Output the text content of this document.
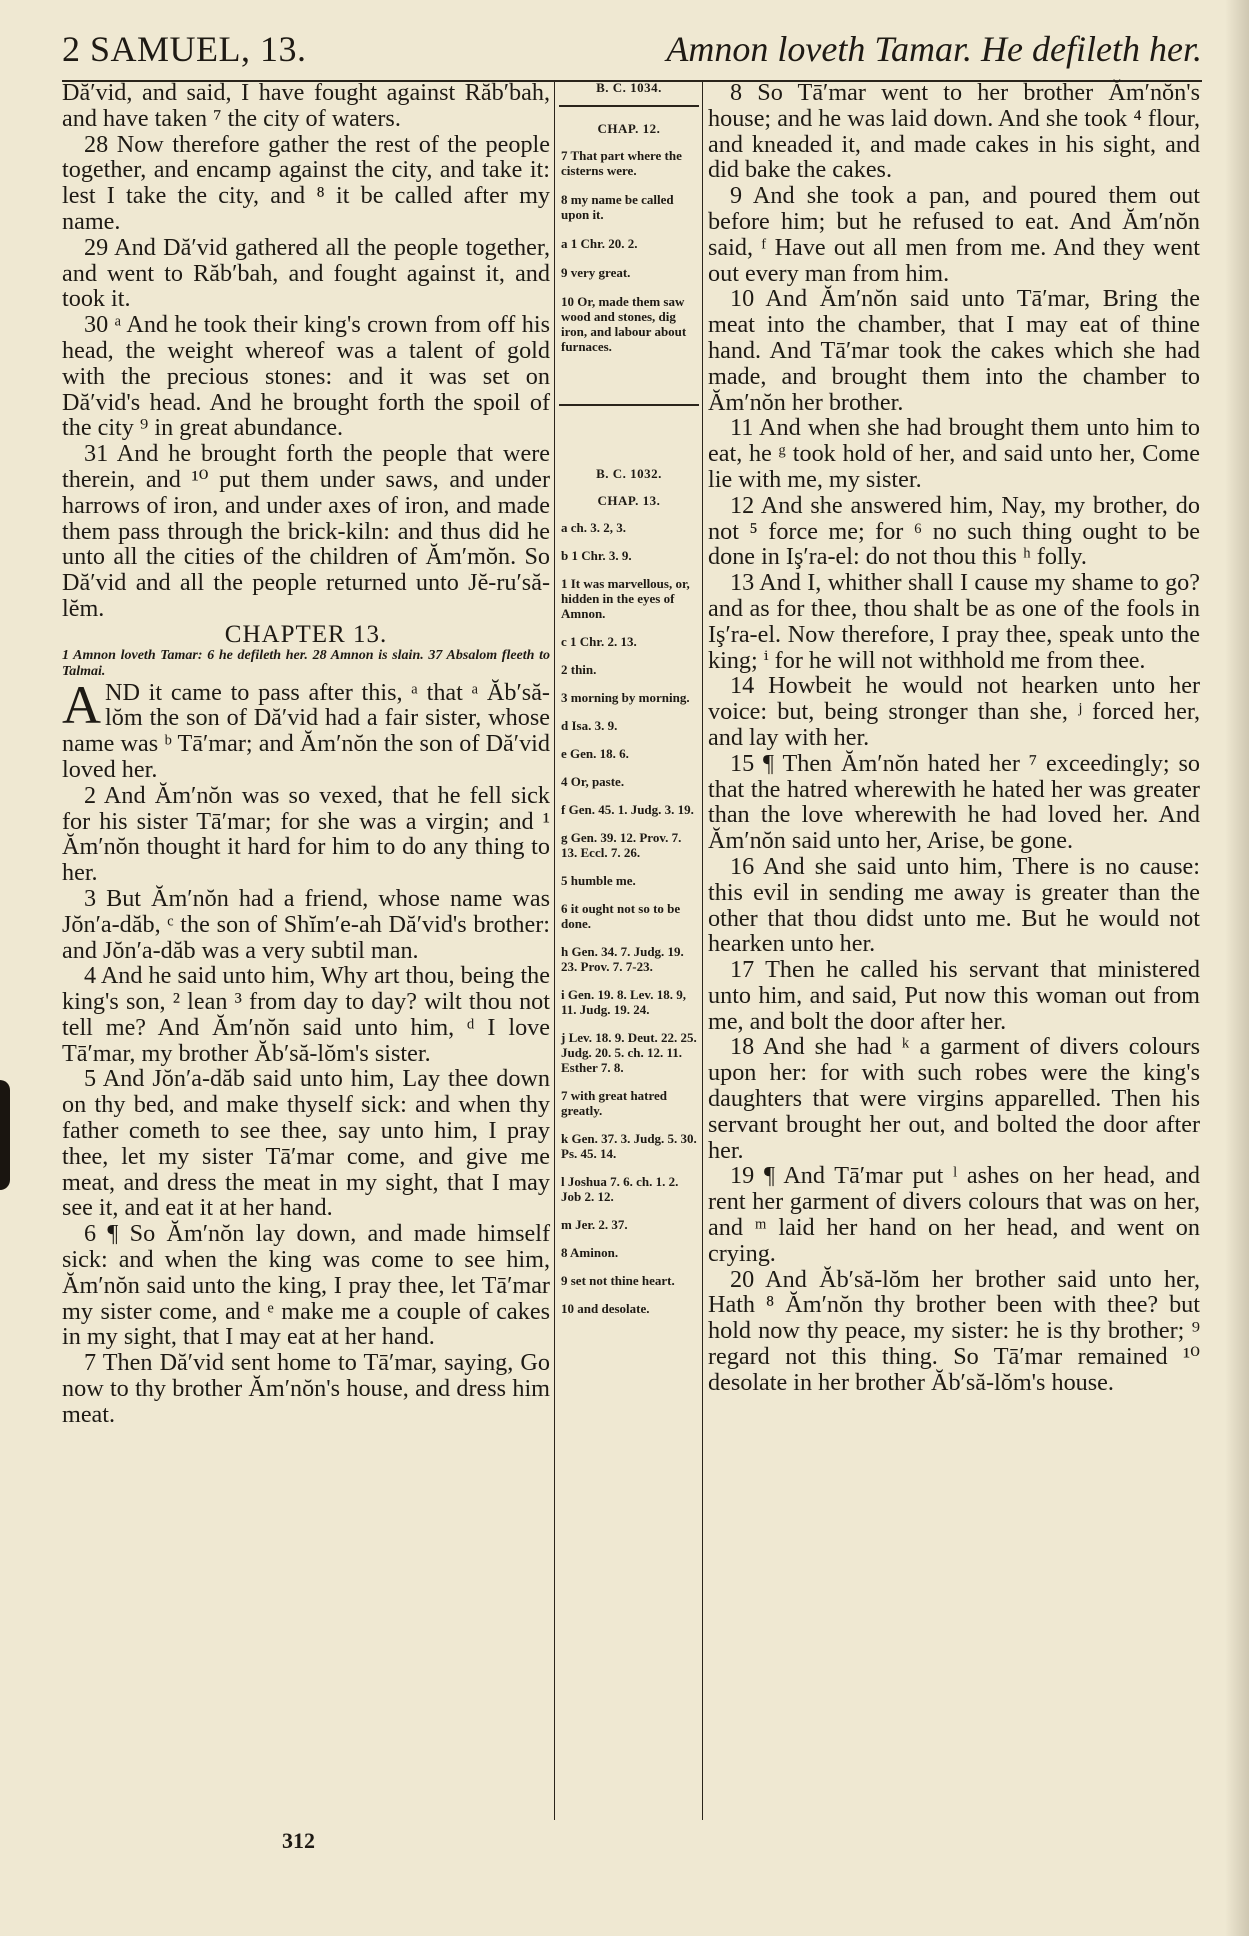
2 SAMUEL, 13.	Amnon loveth Tamar. He defileth her.

Dă′vid, and said, I have fought against Răb′bah, and have taken ⁷ the city of waters.

28 Now therefore gather the rest of the people together, and encamp against the city, and take it: lest I take the city, and ⁸ it be called after my name.

29 And Dă′vid gathered all the people together, and went to Răb′bah, and fought against it, and took it.

30 ᵃ And he took their king's crown from off his head, the weight whereof was a talent of gold with the precious stones: and it was set on Dă′vid's head. And he brought forth the spoil of the city ⁹ in great abundance.

31 And he brought forth the people that were therein, and ¹⁰ put them under saws, and under harrows of iron, and under axes of iron, and made them pass through the brick-kiln: and thus did he unto all the cities of the children of Ăm′mŏn. So Dă′vid and all the people returned unto Jĕ-ru′să-lĕm.

CHAPTER 13.

1 Amnon loveth Tamar: 6 he defileth her. 28 Amnon is slain. 37 Absalom fleeth to Talmai.

AND it came to pass after this, ᵃ that ᵃ Ăb′să-lŏm the son of Dă′vid had a fair sister, whose name was ᵇ Tā′mar; and Ăm′nŏn the son of Dă′vid loved her.

2 And Ăm′nŏn was so vexed, that he fell sick for his sister Tā′mar; for she was a virgin; and ¹ Ăm′nŏn thought it hard for him to do any thing to her.

3 But Ăm′nŏn had a friend, whose name was Jŏn′a-dăb, ᶜ the son of Shĭm′e-ah Dă′vid's brother: and Jŏn′a-dăb was a very subtil man.

4 And he said unto him, Why art thou, being the king's son, ² lean ³ from day to day? wilt thou not tell me? And Ăm′nŏn said unto him, ᵈ I love Tā′mar, my brother Ăb′să-lŏm's sister.

5 And Jŏn′a-dăb said unto him, Lay thee down on thy bed, and make thyself sick: and when thy father cometh to see thee, say unto him, I pray thee, let my sister Tā′mar come, and give me meat, and dress the meat in my sight, that I may see it, and eat it at her hand.

6 ¶ So Ăm′nŏn lay down, and made himself sick: and when the king was come to see him, Ăm′nŏn said unto the king, I pray thee, let Tā′mar my sister come, and ᵉ make me a couple of cakes in my sight, that I may eat at her hand.

7 Then Dă′vid sent home to Tā′mar, saying, Go now to thy brother Ăm′nŏn's house, and dress him meat.

B. C. 1034.

CHAP. 12.

7 That part where the cisterns were.

8 my name be called upon it.

a 1 Chr. 20. 2.

9 very great.

10 Or, made them saw wood and stones, dig iron, and labour about furnaces.

B. C. 1032.

CHAP. 13.

a ch. 3. 2, 3.

b 1 Chr. 3. 9.

1 It was marvellous, or, hidden in the eyes of Amnon.

c 1 Chr. 2. 13.

2 thin.

3 morning by morning.

d Isa. 3. 9.

e Gen. 18. 6.

4 Or, paste.

f Gen. 45. 1. Judg. 3. 19.

g Gen. 39. 12. Prov. 7. 13. Eccl. 7. 26.

5 humble me.

6 it ought not so to be done.

h Gen. 34. 7. Judg. 19. 23. Prov. 7. 7-23.

i Gen. 19. 8. Lev. 18. 9, 11. Judg. 19. 24.

j Lev. 18. 9. Deut. 22. 25. Judg. 20. 5. ch. 12. 11. Esther 7. 8.

7 with great hatred greatly.

k Gen. 37. 3. Judg. 5. 30. Ps. 45. 14.

l Joshua 7. 6. ch. 1. 2. Job 2. 12.

m Jer. 2. 37.

8 Aminon.

9 set not thine heart.

10 and desolate.

8 So Tā′mar went to her brother Ăm′nŏn's house; and he was laid down. And she took ⁴ flour, and kneaded it, and made cakes in his sight, and did bake the cakes.

9 And she took a pan, and poured them out before him; but he refused to eat. And Ăm′nŏn said, ᶠ Have out all men from me. And they went out every man from him.

10 And Ăm′nŏn said unto Tā′mar, Bring the meat into the chamber, that I may eat of thine hand. And Tā′mar took the cakes which she had made, and brought them into the chamber to Ăm′nŏn her brother.

11 And when she had brought them unto him to eat, he ᵍ took hold of her, and said unto her, Come lie with me, my sister.

12 And she answered him, Nay, my brother, do not ⁵ force me; for ⁶ no such thing ought to be done in Iş′ra-el: do not thou this ʰ folly.

13 And I, whither shall I cause my shame to go? and as for thee, thou shalt be as one of the fools in Iş′ra-el. Now therefore, I pray thee, speak unto the king; ⁱ for he will not withhold me from thee.

14 Howbeit he would not hearken unto her voice: but, being stronger than she, ʲ forced her, and lay with her.

15 ¶ Then Ăm′nŏn hated her ⁷ exceedingly; so that the hatred wherewith he hated her was greater than the love wherewith he had loved her. And Ăm′nŏn said unto her, Arise, be gone.

16 And she said unto him, There is no cause: this evil in sending me away is greater than the other that thou didst unto me. But he would not hearken unto her.

17 Then he called his servant that ministered unto him, and said, Put now this woman out from me, and bolt the door after her.

18 And she had ᵏ a garment of divers colours upon her: for with such robes were the king's daughters that were virgins apparelled. Then his servant brought her out, and bolted the door after her.

19 ¶ And Tā′mar put ˡ ashes on her head, and rent her garment of divers colours that was on her, and ᵐ laid her hand on her head, and went on crying.

20 And Ăb′să-lŏm her brother said unto her, Hath ⁸ Ăm′nŏn thy brother been with thee? but hold now thy peace, my sister: he is thy brother; ⁹ regard not this thing. So Tā′mar remained ¹⁰ desolate in her brother Ăb′să-lŏm's house.

312
